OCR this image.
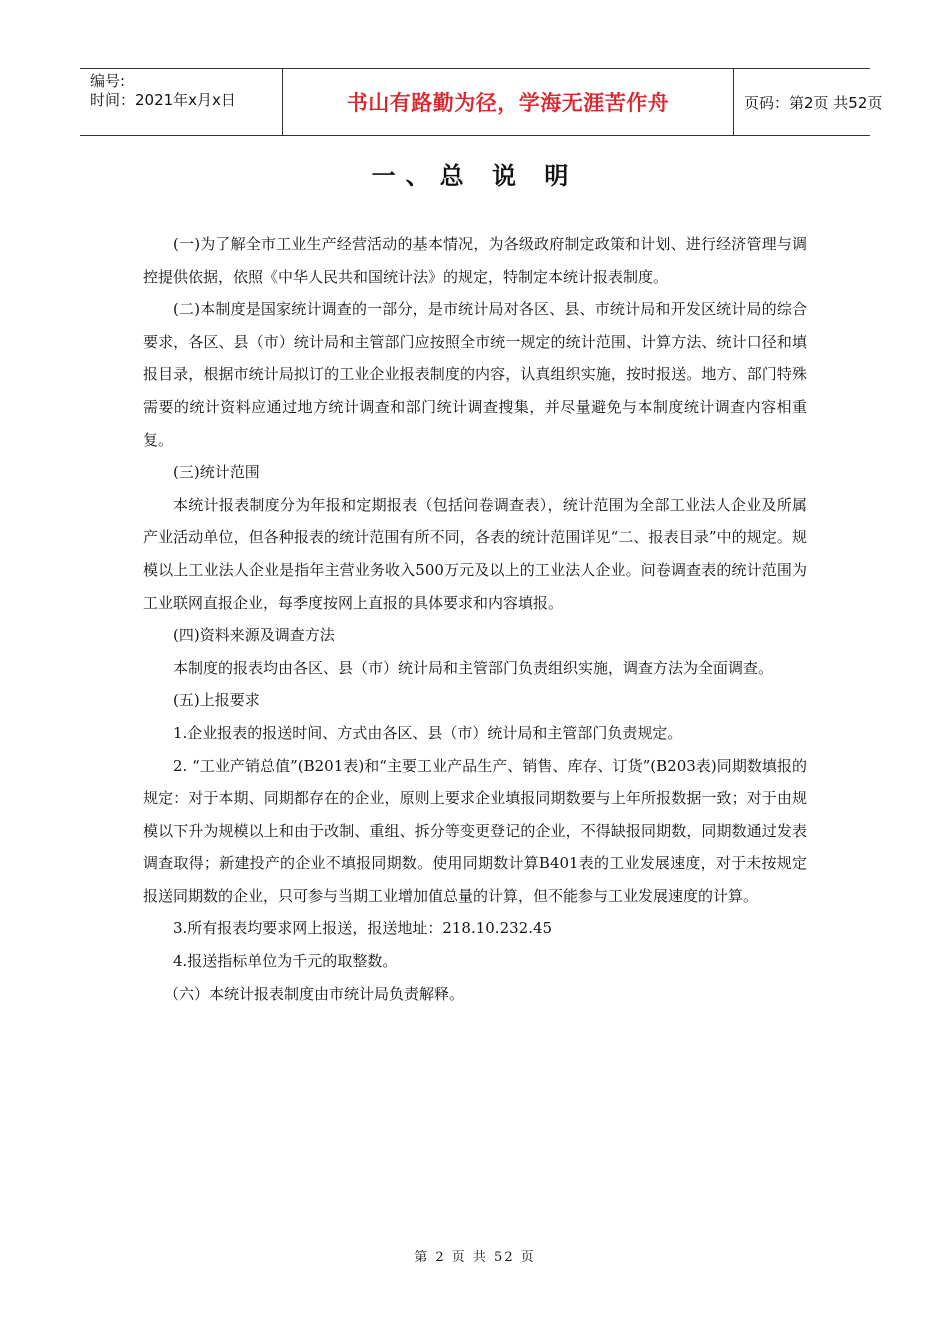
编号:
时间：2021年x月x日	书山有路勤为径，学海无涯苦作舟	页码：第2页 共52页
一、总 说 明

(一)为了解全市工业生产经营活动的基本情况，为各级政府制定政策和计划、进行经济管理与调控提供依据，依照《中华人民共和国统计法》的规定，特制定本统计报表制度。

(二)本制度是国家统计调查的一部分，是市统计局对各区、县、市统计局和开发区统计局的综合要求，各区、县（市）统计局和主管部门应按照全市统一规定的统计范围、计算方法、统计口径和填报目录，根据市统计局拟订的工业企业报表制度的内容，认真组织实施，按时报送。地方、部门特殊需要的统计资料应通过地方统计调查和部门统计调查搜集，并尽量避免与本制度统计调查内容相重复。

(三)统计范围

本统计报表制度分为年报和定期报表（包括问卷调查表），统计范围为全部工业法人企业及所属产业活动单位，但各种报表的统计范围有所不同，各表的统计范围详见“二、报表目录”中的规定。规模以上工业法人企业是指年主营业务收入500万元及以上的工业法人企业。问卷调查表的统计范围为工业联网直报企业，每季度按网上直报的具体要求和内容填报。

(四)资料来源及调查方法

本制度的报表均由各区、县（市）统计局和主管部门负责组织实施，调查方法为全面调查。

(五)上报要求

1.企业报表的报送时间、方式由各区、县（市）统计局和主管部门负责规定。

2. “工业产销总值”(B201表)和“主要工业产品生产、销售、库存、订货”(B203表)同期数填报的规定：对于本期、同期都存在的企业，原则上要求企业填报同期数要与上年所报数据一致；对于由规模以下升为规模以上和由于改制、重组、拆分等变更登记的企业，不得缺报同期数，同期数通过发表调查取得；新建投产的企业不填报同期数。使用同期数计算B401表的工业发展速度，对于未按规定报送同期数的企业，只可参与当期工业增加值总量的计算，但不能参与工业发展速度的计算。

3.所有报表均要求网上报送，报送地址：218.10.232.45

4.报送指标单位为千元的取整数。

（六）本统计报表制度由市统计局负责解释。

第 2 页 共 52 页
